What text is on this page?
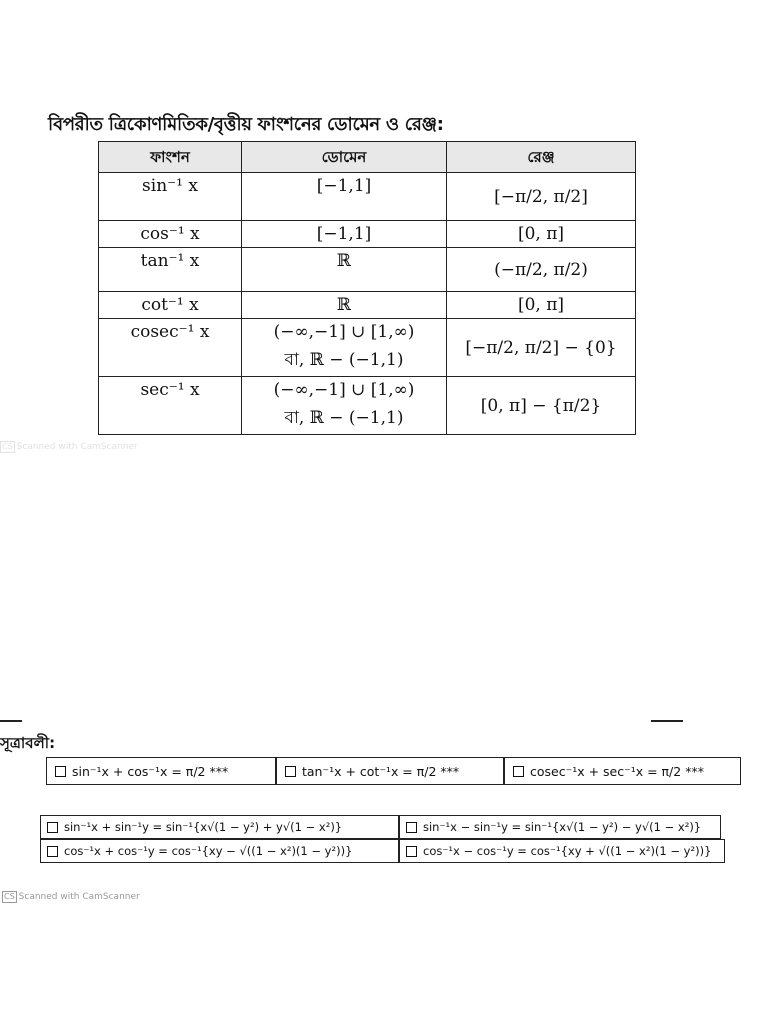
বিপরীত ত্রিকোণমিতিক/বৃত্তীয় ফাংশনের ডোমেন ও রেঞ্জ:
ফাংশন	ডোমেন	রেঞ্জ
sin⁻¹ x	[−1,1]	[−π/2, π/2]

cos⁻¹ x	[−1,1]	[0, π]

tan⁻¹ x	ℝ	(−π/2, π/2)

cot⁻¹ x	ℝ	[0, π]

cosec⁻¹ x	(−∞,−1] ∪ [1,∞)
বা, ℝ − (−1,1)	[−π/2, π/2] − {0}

sec⁻¹ x	(−∞,−1] ∪ [1,∞)
বা, ℝ − (−1,1)	[0, π] − {π/2}
CS Scanned with CamScanner
সূত্রাবলী:
sin⁻¹x + cos⁻¹x = π/2 ***	tan⁻¹x + cot⁻¹x = π/2 ***	cosec⁻¹x + sec⁻¹x = π/2 ***
sin⁻¹x + sin⁻¹y = sin⁻¹{x√(1 − y²) + y√(1 − x²)}	sin⁻¹x − sin⁻¹y = sin⁻¹{x√(1 − y²) − y√(1 − x²)}
cos⁻¹x + cos⁻¹y = cos⁻¹{xy − √((1 − x²)(1 − y²))}	cos⁻¹x − cos⁻¹y = cos⁻¹{xy + √((1 − x²)(1 − y²))}
CS Scanned with CamScanner
